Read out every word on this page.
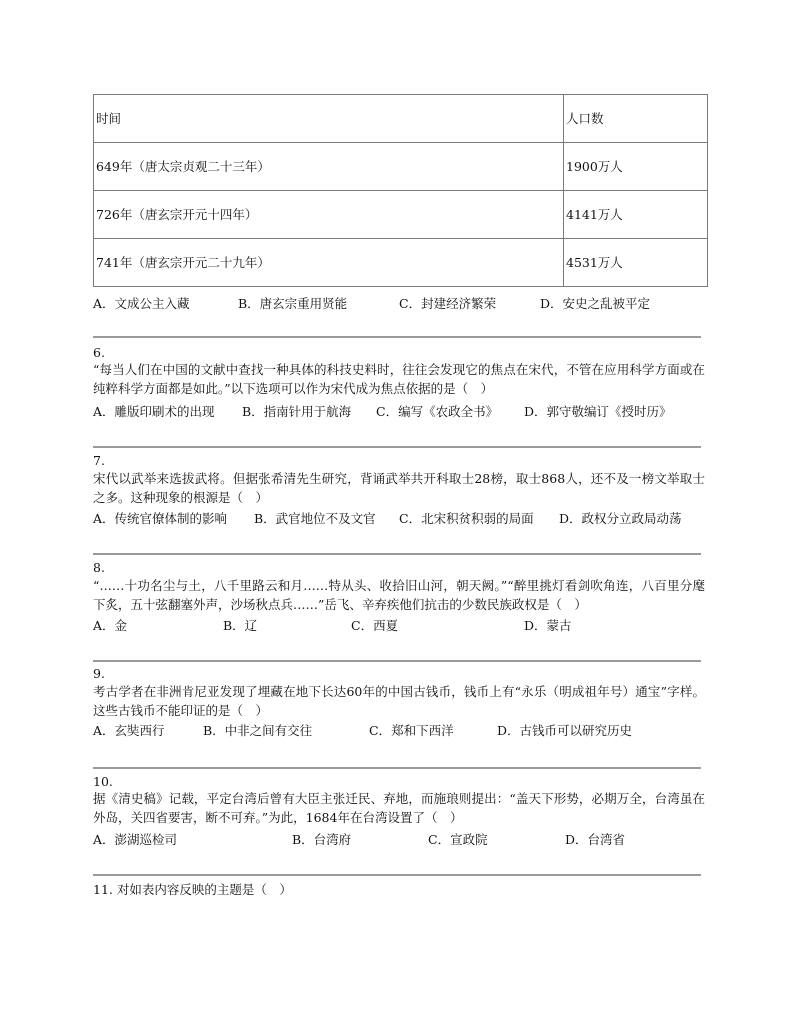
时间	人口数
649年（唐太宗贞观二十三年）	1900万人
726年（唐玄宗开元十四年）	4141万人
741年（唐玄宗开元二十九年）	4531万人
A．文成公主入藏	B．唐玄宗重用贤能	C．封建经济繁荣	D．安史之乱被平定
6.
“每当人们在中国的文献中查找一种具体的科技史料时，往往会发现它的焦点在宋代，不管在应用科学方面或在纯粹科学方面都是如此。”以下选项可以作为宋代成为焦点依据的是（　）
A．雕版印刷术的出现 B．指南针用于航海 C．编写《农政全书》 D．郭守敬编订《授时历》
7.
宋代以武举来选拔武将。但据张希清先生研究，背诵武举共开科取士28榜，取士868人，还不及一榜文举取士之多。这种现象的根源是（　）
A．传统官僚体制的影响 B．武官地位不及文官 C．北宋积贫积弱的局面 D．政权分立政局动荡
8.
“……十功名尘与土，八千里路云和月……特从头、收拾旧山河，朝天阙。”“醉里挑灯看剑吹角连，八百里分麾下炙，五十弦翻塞外声，沙场秋点兵……”岳飞、辛弃疾他们抗击的少数民族政权是（　）
A．金	B．辽	C．西夏	D．蒙古
9.
考古学者在非洲肯尼亚发现了埋藏在地下长达60年的中国古钱币，钱币上有“永乐（明成祖年号）通宝”字样。这些古钱币不能印证的是（　）
A．玄奘西行	B．中非之间有交往	C．郑和下西洋	D．古钱币可以研究历史
10.
据《清史稿》记载，平定台湾后曾有大臣主张迁民、弃地，而施琅则提出：“盖天下形势，必期万全，台湾虽在外岛，关四省要害，断不可弃。”为此，1684年在台湾设置了（　）
A．澎湖巡检司	B．台湾府	C．宣政院	D．台湾省
11. 对如表内容反映的主题是（　）
